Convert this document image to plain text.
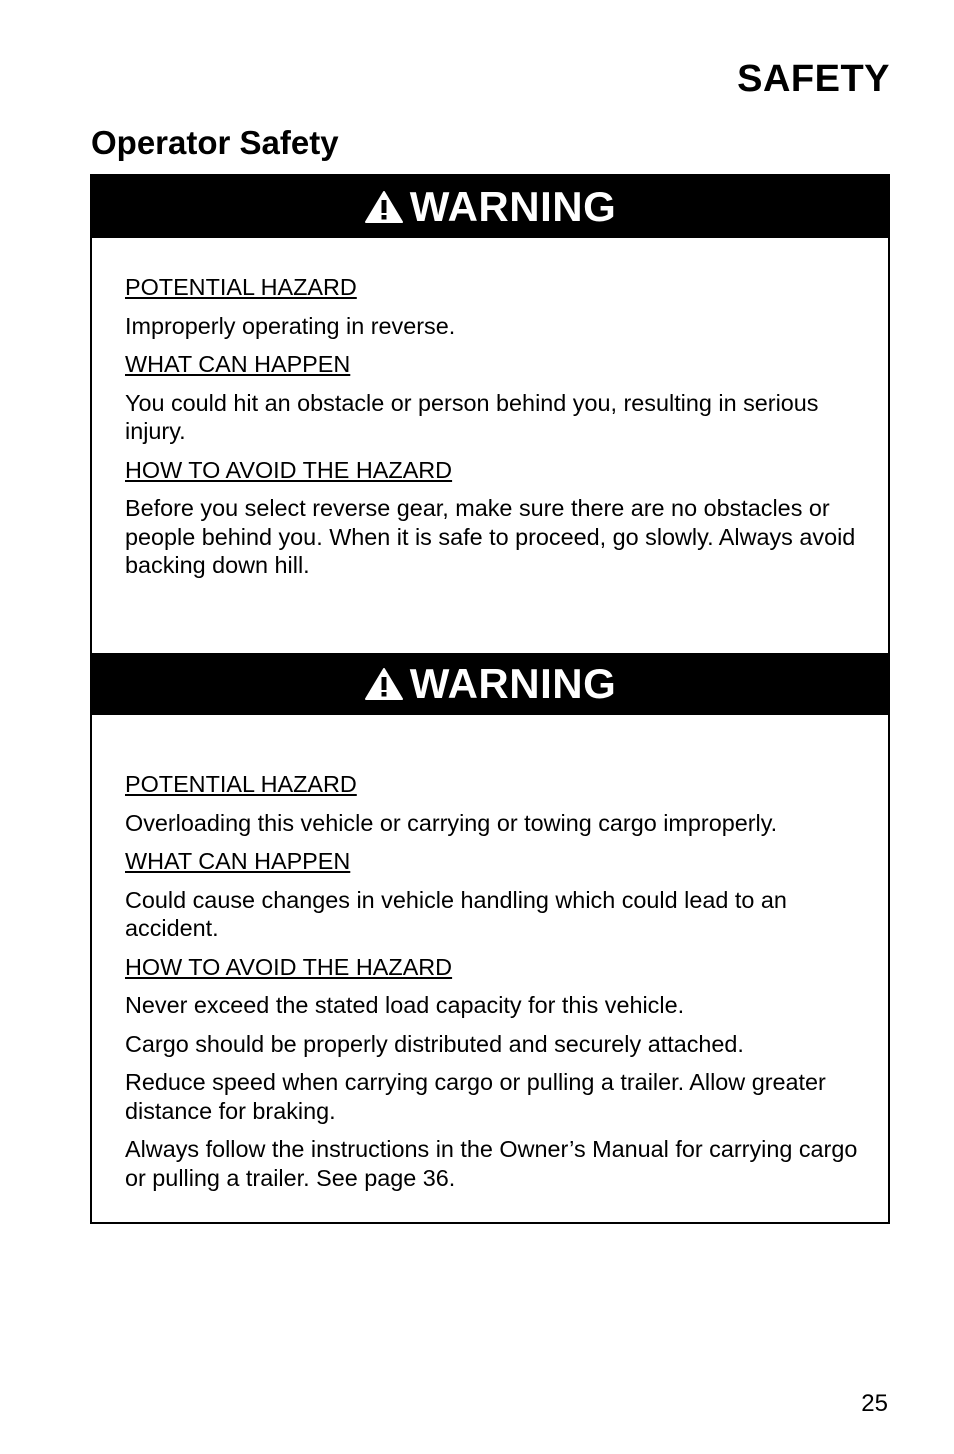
SAFETY
Operator Safety
WARNING

POTENTIAL HAZARD

Improperly operating in reverse.

WHAT CAN HAPPEN

You could hit an obstacle or person behind you, resulting in serious injury.

HOW TO AVOID THE HAZARD

Before you select reverse gear, make sure there are no obstacles or people behind you. When it is safe to proceed, go slowly. Always avoid backing down hill.

WARNING

POTENTIAL HAZARD

Overloading this vehicle or carrying or towing cargo improperly.

WHAT CAN HAPPEN

Could cause changes in vehicle handling which could lead to an accident.

HOW TO AVOID THE HAZARD

Never exceed the stated load capacity for this vehicle.

Cargo should be properly distributed and securely attached.

Reduce speed when carrying cargo or pulling a trailer. Allow greater distance for braking.

Always follow the instructions in the Owner’s Manual for carrying cargo or pulling a trailer. See page 36.

25
